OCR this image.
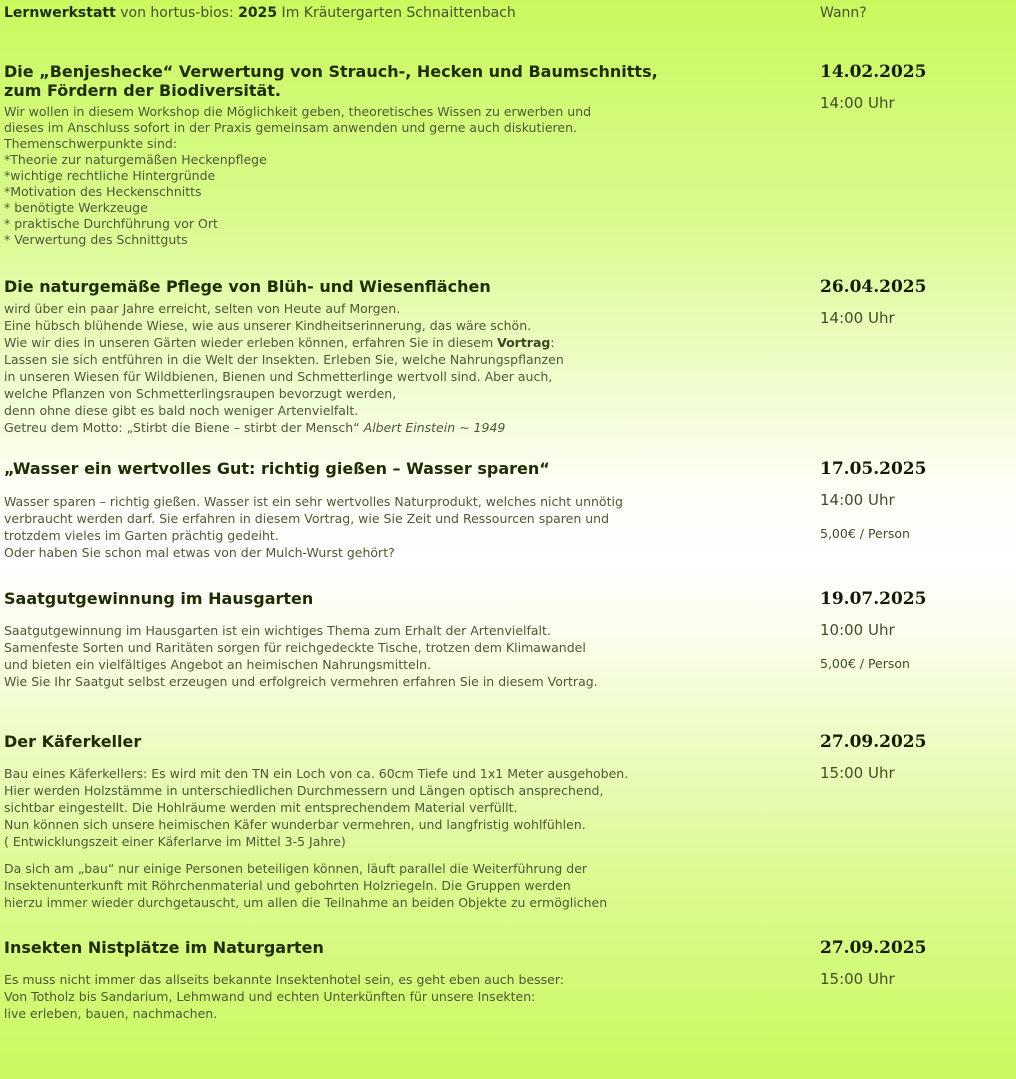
Lernwerkstatt von hortus-bios: 2025 Im Kräutergarten Schnaittenbach	Wann?
Die „Benjeshecke“ Verwertung von Strauch-, Hecken und Baumschnitts,
zum Fördern der Biodiversität.
Wir wollen in diesem Workshop die Möglichkeit geben, theoretisches Wissen zu erwerben und
dieses im Anschluss sofort in der Praxis gemeinsam anwenden und gerne auch diskutieren.
Themenschwerpunkte sind:
*Theorie zur naturgemäßen Heckenpflege
*wichtige rechtliche Hintergründe
*Motivation des Heckenschnitts
* benötigte Werkzeuge
* praktische Durchführung vor Ort
* Verwertung des Schnittguts
14.02.2025
14:00 Uhr
Die naturgemäße Pflege von Blüh- und Wiesenflächen
wird über ein paar Jahre erreicht, selten von Heute auf Morgen.
Eine hübsch blühende Wiese, wie aus unserer Kindheitserinnerung, das wäre schön.
Wie wir dies in unseren Gärten wieder erleben können, erfahren Sie in diesem Vortrag:
Lassen sie sich entführen in die Welt der Insekten. Erleben Sie, welche Nahrungspflanzen
in unseren Wiesen für Wildbienen, Bienen und Schmetterlinge wertvoll sind. Aber auch,
welche Pflanzen von Schmetterlingsraupen bevorzugt werden,
denn ohne diese gibt es bald noch weniger Artenvielfalt.
Getreu dem Motto: „Stirbt die Biene – stirbt der Mensch“ Albert Einstein ~ 1949
26.04.2025
14:00 Uhr
„Wasser ein wertvolles Gut: richtig gießen – Wasser sparen“
Wasser sparen – richtig gießen. Wasser ist ein sehr wertvolles Naturprodukt, welches nicht unnötig
verbraucht werden darf. Sie erfahren in diesem Vortrag, wie Sie Zeit und Ressourcen sparen und
trotzdem vieles im Garten prächtig gedeiht.
Oder haben Sie schon mal etwas von der Mulch-Wurst gehört?
17.05.2025
14:00 Uhr
5,00€ / Person
Saatgutgewinnung im Hausgarten
Saatgutgewinnung im Hausgarten ist ein wichtiges Thema zum Erhalt der Artenvielfalt.
Samenfeste Sorten und Raritäten sorgen für reichgedeckte Tische, trotzen dem Klimawandel
und bieten ein vielfältiges Angebot an heimischen Nahrungsmitteln.
Wie Sie Ihr Saatgut selbst erzeugen und erfolgreich vermehren erfahren Sie in diesem Vortrag.
19.07.2025
10:00 Uhr
5,00€ / Person
Der Käferkeller
Bau eines Käferkellers: Es wird mit den TN ein Loch von ca. 60cm Tiefe und 1x1 Meter ausgehoben.
Hier werden Holzstämme in unterschiedlichen Durchmessern und Längen optisch ansprechend,
sichtbar eingestellt. Die Hohlräume werden mit entsprechendem Material verfüllt.
Nun können sich unsere heimischen Käfer wunderbar vermehren, und langfristig wohlfühlen.
( Entwicklungszeit einer Käferlarve im Mittel 3-5 Jahre)
Da sich am „bau“ nur einige Personen beteiligen können, läuft parallel die Weiterführung der
Insektenunterkunft mit Röhrchenmaterial und gebohrten Holzriegeln. Die Gruppen werden
hierzu immer wieder durchgetauscht, um allen die Teilnahme an beiden Objekte zu ermöglichen
27.09.2025
15:00 Uhr
Insekten Nistplätze im Naturgarten
Es muss nicht immer das allseits bekannte Insektenhotel sein, es geht eben auch besser:
Von Totholz bis Sandarium, Lehmwand und echten Unterkünften für unsere Insekten:
live erleben, bauen, nachmachen.
27.09.2025
15:00 Uhr
